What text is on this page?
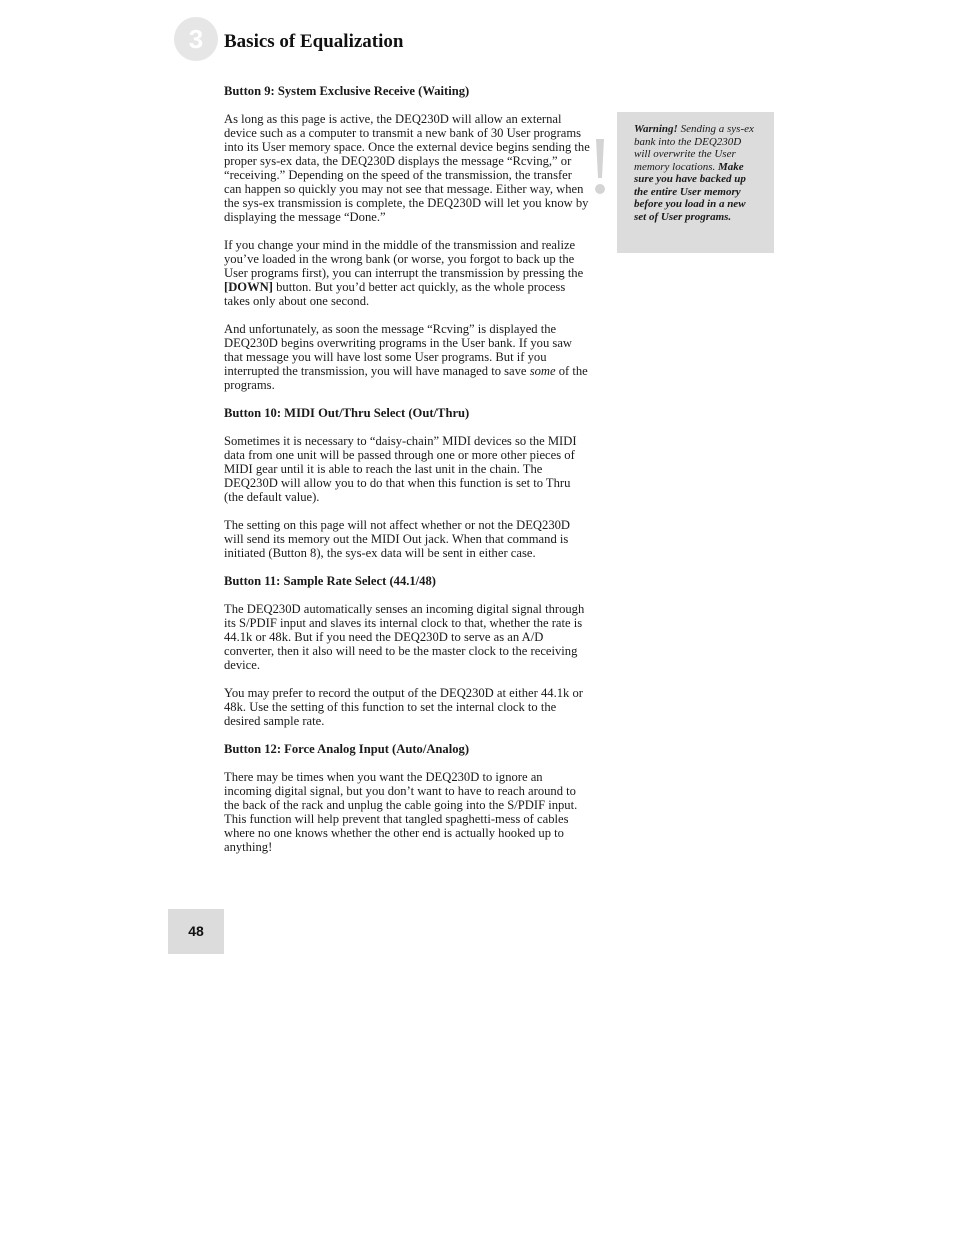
3	Basics of Equalization
Button 9: System Exclusive Receive (Waiting)

As long as this page is active, the DEQ230D will allow an external device such as a computer to transmit a new bank of 30 User programs into its User memory space. Once the external device begins sending the proper sys-ex data, the DEQ230D displays the message “Rcving,” or “receiving.” Depending on the speed of the transmission, the transfer can happen so quickly you may not see that message. Either way, when the sys-ex transmission is complete, the DEQ230D will let you know by displaying the message “Done.”

If you change your mind in the middle of the transmission and realize you’ve loaded in the wrong bank (or worse, you forgot to back up the User programs first), you can interrupt the transmission by pressing the [DOWN] button. But you’d better act quickly, as the whole process takes only about one second.

And unfortunately, as soon the message “Rcving” is displayed the DEQ230D begins overwriting programs in the User bank. If you saw that message you will have lost some User programs. But if you interrupted the transmission, you will have managed to save some of the programs.

Button 10: MIDI Out/Thru Select (Out/Thru)

Sometimes it is necessary to “daisy-chain” MIDI devices so the MIDI data from one unit will be passed through one or more other pieces of MIDI gear until it is able to reach the last unit in the chain. The DEQ230D will allow you to do that when this function is set to Thru (the default value).

The setting on this page will not affect whether or not the DEQ230D will send its memory out the MIDI Out jack. When that command is initiated (Button 8), the sys-ex data will be sent in either case.

Button 11: Sample Rate Select (44.1/48)

The DEQ230D automatically senses an incoming digital signal through its S/PDIF input and slaves its internal clock to that, whether the rate is 44.1k or 48k. But if you need the DEQ230D to serve as an A/D converter, then it also will need to be the master clock to the receiving device.

You may prefer to record the output of the DEQ230D at either 44.1k or 48k. Use the setting of this function to set the internal clock to the desired sample rate.

Button 12: Force Analog Input (Auto/Analog)

There may be times when you want the DEQ230D to ignore an incoming digital signal, but you don’t want to have to reach around to the back of the rack and unplug the cable going into the S/PDIF input. This function will help prevent that tangled spaghetti-mess of cables where no one knows whether the other end is actually hooked up to anything!

Warning! Sending a sys-ex bank into the DEQ230D will overwrite the User memory locations. Make sure you have backed up the entire User memory before you load in a new set of User programs.
48
